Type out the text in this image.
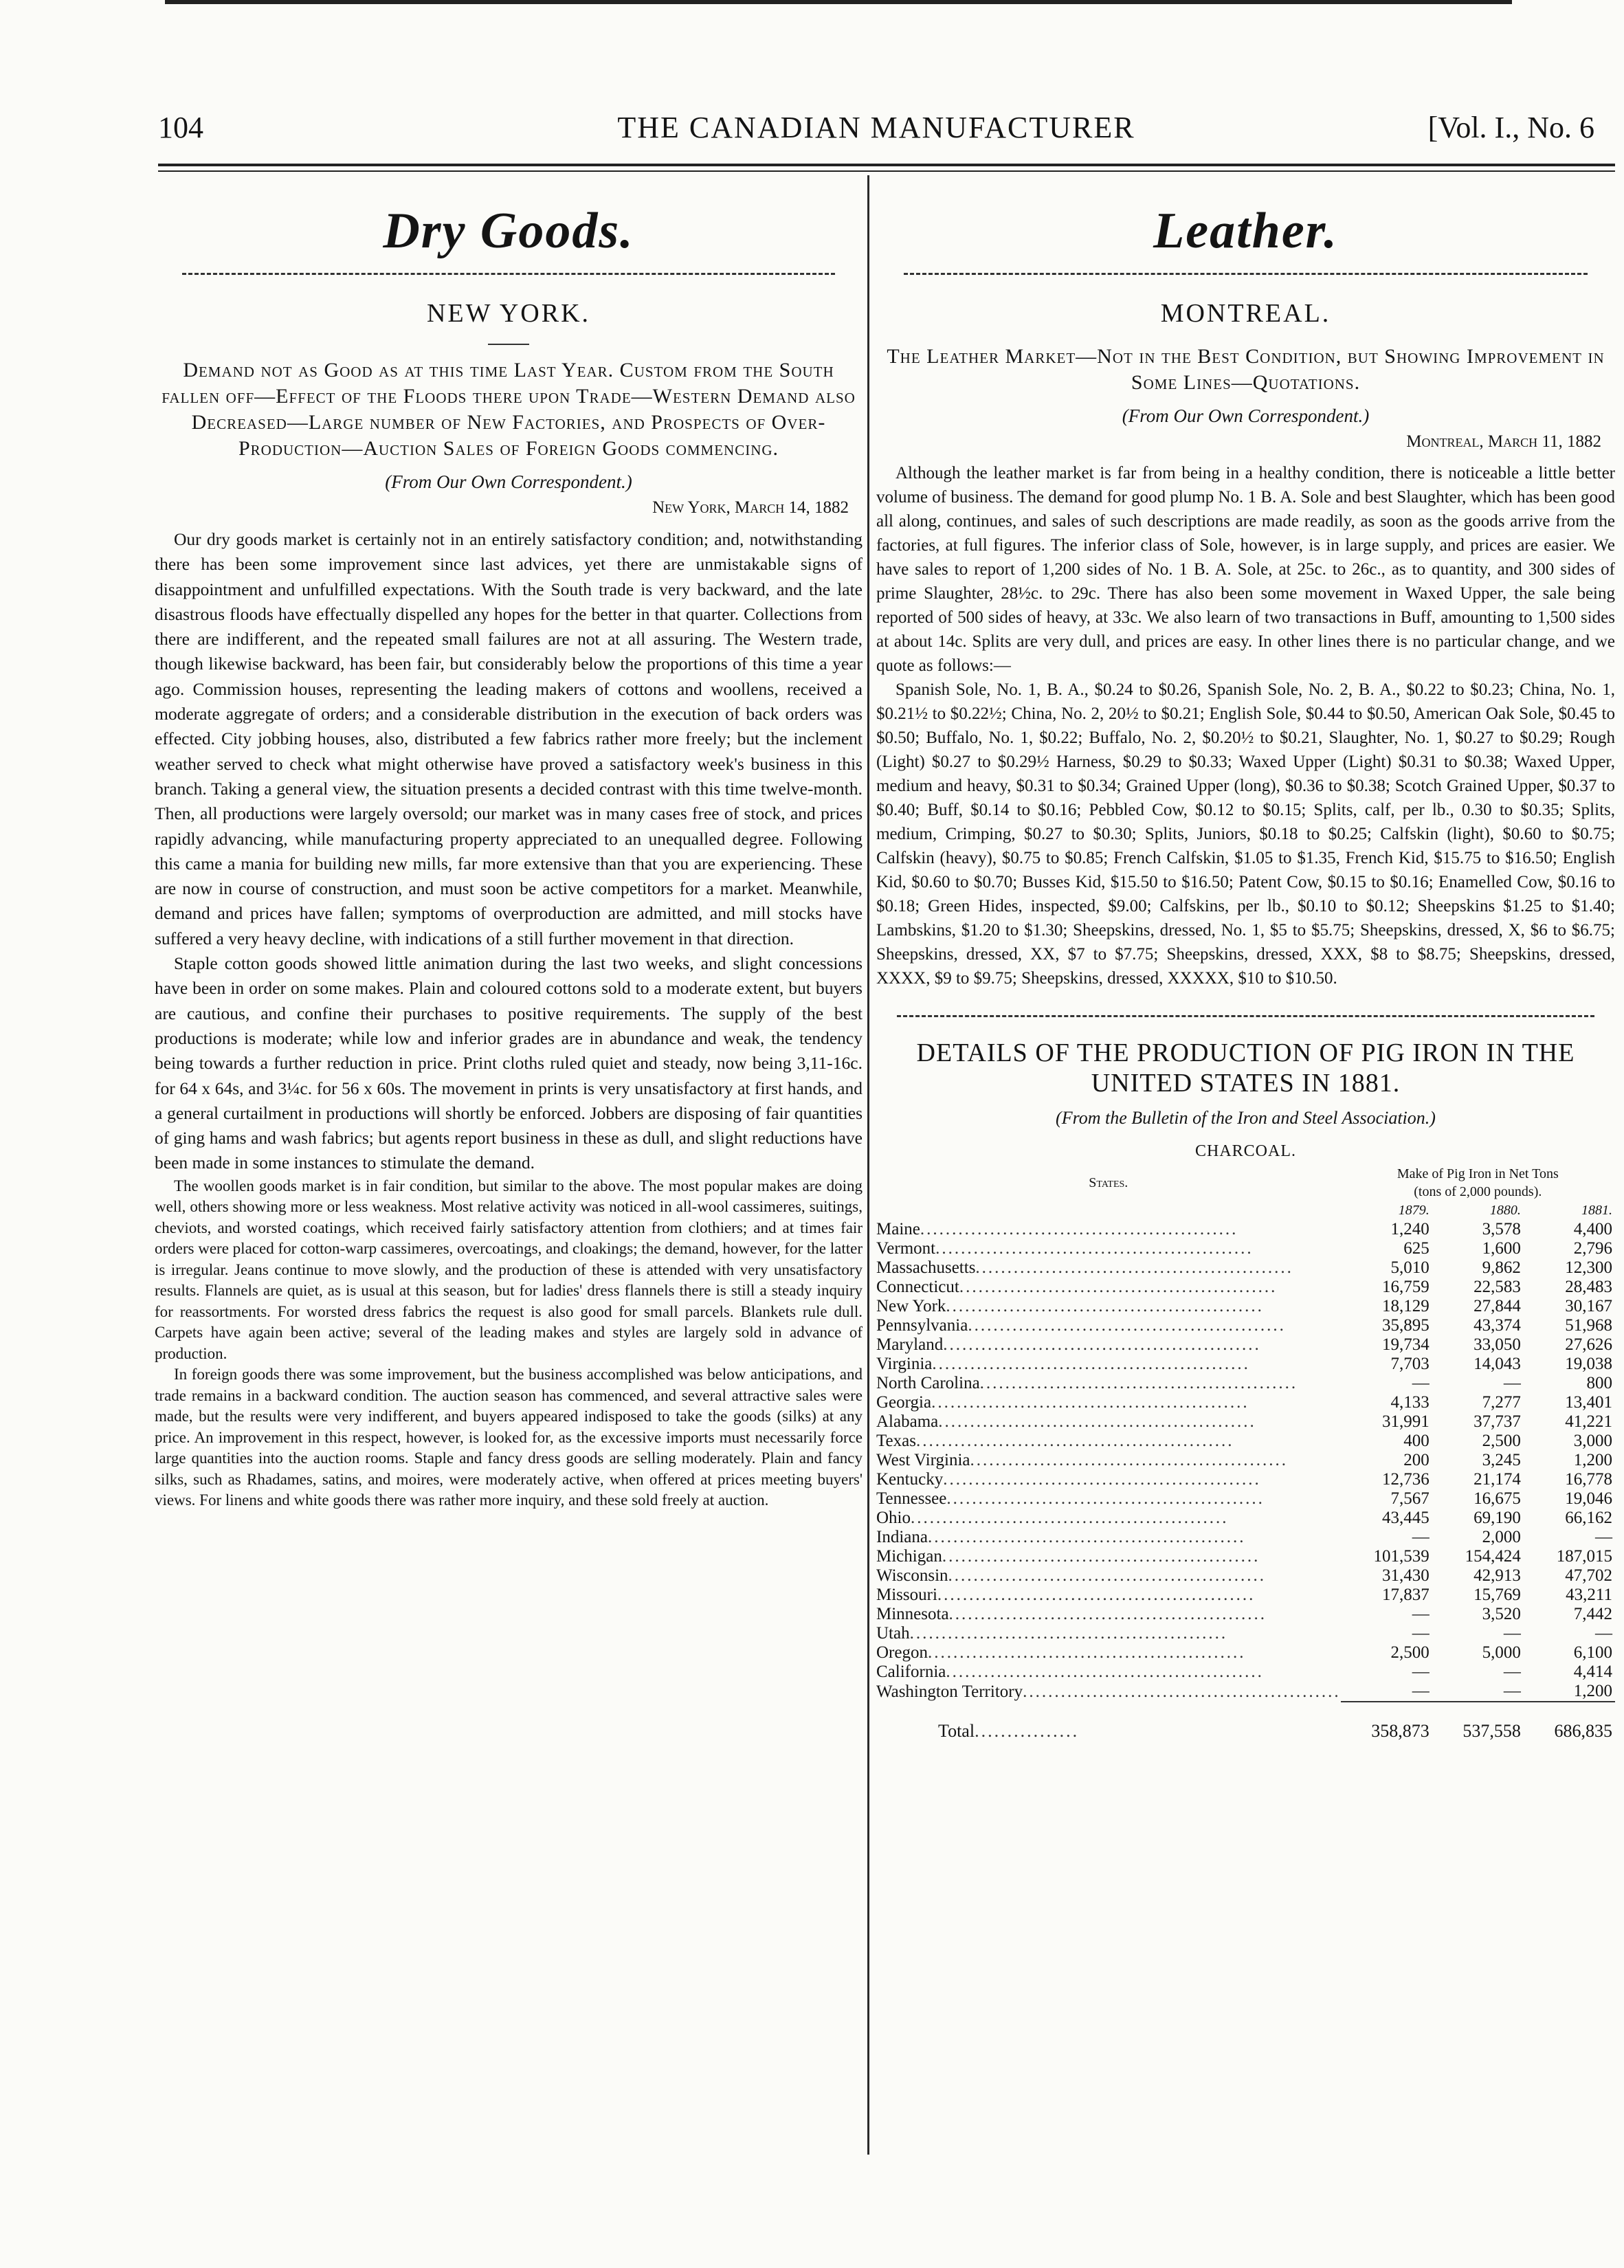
104	THE CANADIAN MANUFACTURER	[Vol. I., No. 6
Dry Goods.
NEW YORK.
Demand not as Good as at this time Last Year. Custom from the South fallen off—Effect of the Floods there upon Trade—Western Demand also Decreased—Large number of New Factories, and Prospects of Over-Production—Auction Sales of Foreign Goods commencing.
(From Our Own Correspondent.)
New York, March 14, 1882

Our dry goods market is certainly not in an entirely satisfactory condition; and, notwithstanding there has been some improvement since last advices, yet there are unmistakable signs of disappointment and unfulfilled expectations. With the South trade is very backward, and the late disastrous floods have effectually dispelled any hopes for the better in that quarter. Collections from there are indifferent, and the repeated small failures are not at all assuring. The Western trade, though likewise backward, has been fair, but considerably below the proportions of this time a year ago. Commission houses, representing the leading makers of cottons and woollens, received a moderate aggregate of orders; and a considerable distribution in the execution of back orders was effected. City jobbing houses, also, distributed a few fabrics rather more freely; but the inclement weather served to check what might otherwise have proved a satisfactory week's business in this branch. Taking a general view, the situation presents a decided contrast with this time twelve-month. Then, all productions were largely oversold; our market was in many cases free of stock, and prices rapidly advancing, while manufacturing property appreciated to an unequalled degree. Following this came a mania for building new mills, far more extensive than that you are experiencing. These are now in course of construction, and must soon be active competitors for a market. Meanwhile, demand and prices have fallen; symptoms of overproduction are admitted, and mill stocks have suffered a very heavy decline, with indications of a still further movement in that direction.

Staple cotton goods showed little animation during the last two weeks, and slight concessions have been in order on some makes. Plain and coloured cottons sold to a moderate extent, but buyers are cautious, and confine their purchases to positive requirements. The supply of the best productions is moderate; while low and inferior grades are in abundance and weak, the tendency being towards a further reduction in price. Print cloths ruled quiet and steady, now being 3,11-16c. for 64 x 64s, and 3¼c. for 56 x 60s. The movement in prints is very unsatisfactory at first hands, and a general curtailment in productions will shortly be enforced. Jobbers are disposing of fair quantities of ging hams and wash fabrics; but agents report business in these as dull, and slight reductions have been made in some instances to stimulate the demand.

The woollen goods market is in fair condition, but similar to the above. The most popular makes are doing well, others showing more or less weakness. Most relative activity was noticed in all-wool cassimeres, suitings, cheviots, and worsted coatings, which received fairly satisfactory attention from clothiers; and at times fair orders were placed for cotton-warp cassimeres, overcoatings, and cloakings; the demand, however, for the latter is irregular. Jeans continue to move slowly, and the production of these is attended with very unsatisfactory results. Flannels are quiet, as is usual at this season, but for ladies' dress flannels there is still a steady inquiry for reassortments. For worsted dress fabrics the request is also good for small parcels. Blankets rule dull. Carpets have again been active; several of the leading makes and styles are largely sold in advance of production.

In foreign goods there was some improvement, but the business accomplished was below anticipations, and trade remains in a backward condition. The auction season has commenced, and several attractive sales were made, but the results were very indifferent, and buyers appeared indisposed to take the goods (silks) at any price. An improvement in this respect, however, is looked for, as the excessive imports must necessarily force large quantities into the auction rooms. Staple and fancy dress goods are selling moderately. Plain and fancy silks, such as Rhadames, satins, and moires, were moderately active, when offered at prices meeting buyers' views. For linens and white goods there was rather more inquiry, and these sold freely at auction.

Leather.
MONTREAL.
The Leather Market—Not in the Best Condition, but Showing Improvement in Some Lines—Quotations.
(From Our Own Correspondent.)
Montreal, March 11, 1882

Although the leather market is far from being in a healthy condition, there is noticeable a little better volume of business. The demand for good plump No. 1 B. A. Sole and best Slaughter, which has been good all along, continues, and sales of such descriptions are made readily, as soon as the goods arrive from the factories, at full figures. The inferior class of Sole, however, is in large supply, and prices are easier. We have sales to report of 1,200 sides of No. 1 B. A. Sole, at 25c. to 26c., as to quantity, and 300 sides of prime Slaughter, 28½c. to 29c. There has also been some movement in Waxed Upper, the sale being reported of 500 sides of heavy, at 33c. We also learn of two transactions in Buff, amounting to 1,500 sides at about 14c. Splits are very dull, and prices are easy. In other lines there is no particular change, and we quote as follows:—

Spanish Sole, No. 1, B. A., $0.24 to $0.26, Spanish Sole, No. 2, B. A., $0.22 to $0.23; China, No. 1, $0.21½ to $0.22½; China, No. 2, 20½ to $0.21; English Sole, $0.44 to $0.50, American Oak Sole, $0.45 to $0.50; Buffalo, No. 1, $0.22; Buffalo, No. 2, $0.20½ to $0.21, Slaughter, No. 1, $0.27 to $0.29; Rough (Light) $0.27 to $0.29½ Harness, $0.29 to $0.33; Waxed Upper (Light) $0.31 to $0.38; Waxed Upper, medium and heavy, $0.31 to $0.34; Grained Upper (long), $0.36 to $0.38; Scotch Grained Upper, $0.37 to $0.40; Buff, $0.14 to $0.16; Pebbled Cow, $0.12 to $0.15; Splits, calf, per lb., 0.30 to $0.35; Splits, medium, Crimping, $0.27 to $0.30; Splits, Juniors, $0.18 to $0.25; Calfskin (light), $0.60 to $0.75; Calfskin (heavy), $0.75 to $0.85; French Calfskin, $1.05 to $1.35, French Kid, $15.75 to $16.50; English Kid, $0.60 to $0.70; Busses Kid, $15.50 to $16.50; Patent Cow, $0.15 to $0.16; Enamelled Cow, $0.16 to $0.18; Green Hides, inspected, $9.00; Calfskins, per lb., $0.10 to $0.12; Sheepskins $1.25 to $1.40; Lambskins, $1.20 to $1.30; Sheepskins, dressed, No. 1, $5 to $5.75; Sheepskins, dressed, X, $6 to $6.75; Sheepskins, dressed, XX, $7 to $7.75; Sheepskins, dressed, XXX, $8 to $8.75; Sheepskins, dressed, XXXX, $9 to $9.75; Sheepskins, dressed, XXXXX, $10 to $10.50.

DETAILS OF THE PRODUCTION OF PIG IRON IN THE UNITED STATES IN 1881.
(From the Bulletin of the Iron and Steel Association.)
CHARCOAL.
States.	Make of Pig Iron in Net Tons
(tons of 2,000 pounds).		

	1879.	1880.	1881.
Maine..................................................	1,240	3,578	4,400
Vermont..................................................	625	1,600	2,796
Massachusetts..................................................	5,010	9,862	12,300
Connecticut..................................................	16,759	22,583	28,483
New York..................................................	18,129	27,844	30,167
Pennsylvania..................................................	35,895	43,374	51,968
Maryland..................................................	19,734	33,050	27,626
Virginia..................................................	7,703	14,043	19,038
North Carolina..................................................	—	—	800
Georgia..................................................	4,133	7,277	13,401
Alabama..................................................	31,991	37,737	41,221
Texas..................................................	400	2,500	3,000
West Virginia..................................................	200	3,245	1,200
Kentucky..................................................	12,736	21,174	16,778
Tennessee..................................................	7,567	16,675	19,046
Ohio..................................................	43,445	69,190	66,162
Indiana..................................................	—	2,000	—
Michigan..................................................	101,539	154,424	187,015
Wisconsin..................................................	31,430	42,913	47,702
Missouri..................................................	17,837	15,769	43,211
Minnesota..................................................	—	3,520	7,442
Utah..................................................	—	—	—
Oregon..................................................	2,500	5,000	6,100
California..................................................	—	—	4,414
Washington Territory..................................................	—	—	1,200
Total................	358,873	537,558	686,835
